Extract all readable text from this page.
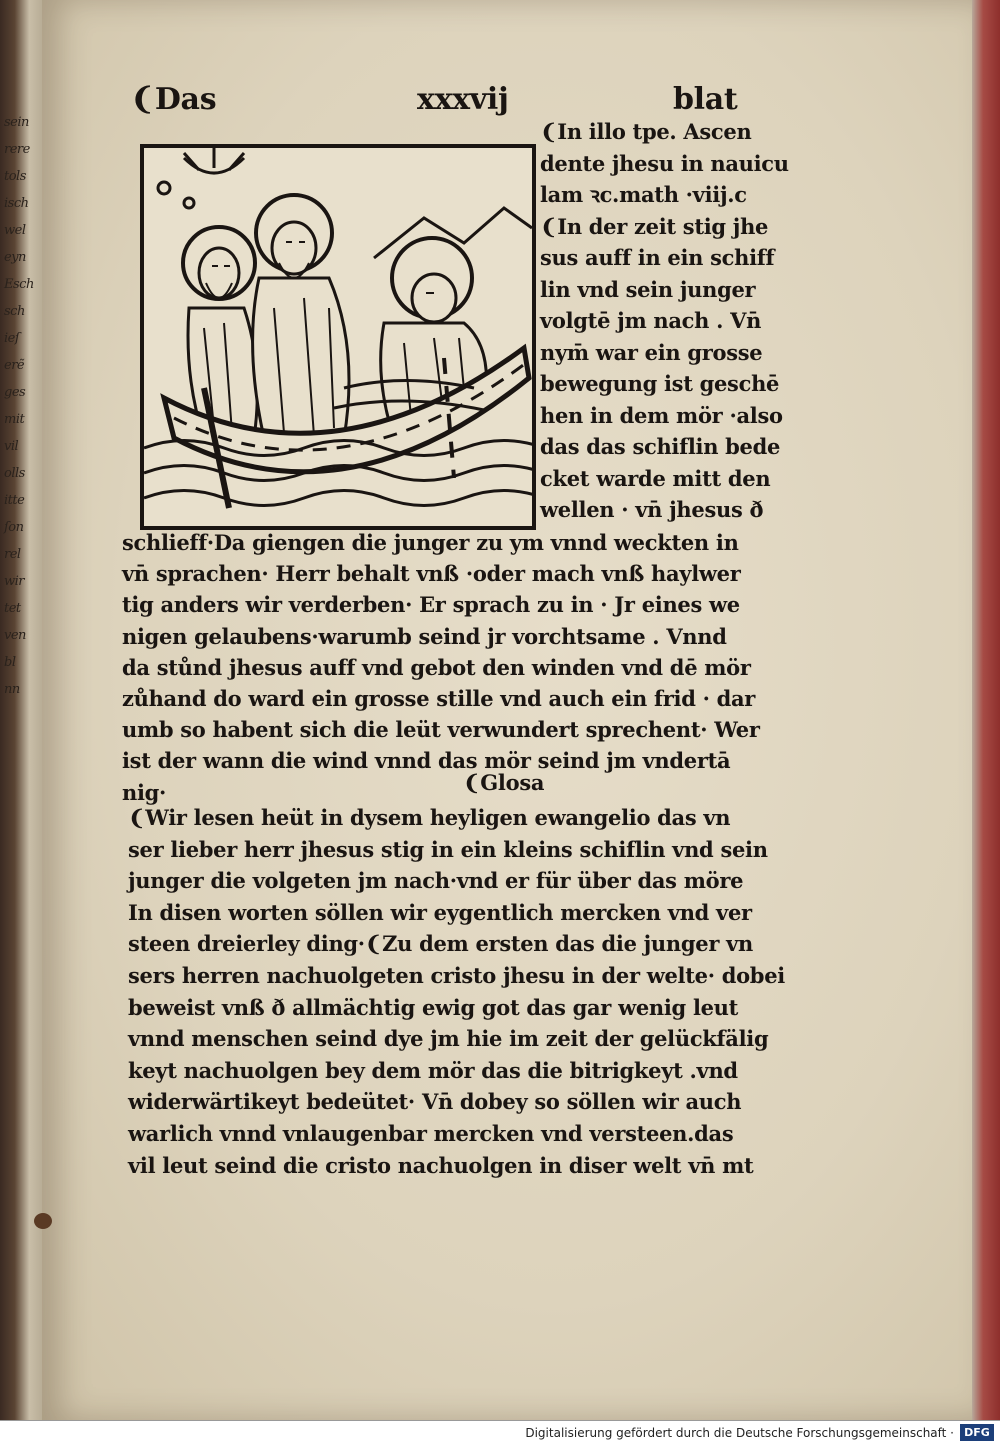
sein
rere
tols
isch
wel
eyn
Esch
sch
ieſ
erẽ
ges
mit
vil
olls
itte
ſon
rel
wir
tet
ven
bl
nn
❨Das	xxxvij	blat
❨In illo tpe. Ascen
dente jhesu in nauicu
lam ꝛc.math ·viij.c
❨In der zeit stig jhe
sus auff in ein schiff
lin vnd sein junger
volgtē jm nach . Vn̄
nym̄ war ein grosse
bewegung ist geschē
hen in dem mör ·also
das das schiflin bede
cket warde mitt den
wellen · vn̄ jhesus ð
schlieff·Da giengen die junger zu ym vnnd weckten in
vn̄ sprachen· Herr behalt vnß ·oder mach vnß haylwer
tig anders wir verderben· Er sprach zu in · Jr eines we
nigen gelaubens·warumb seind jr vorchtsame . Vnnd
da stůnd jhesus auff vnd gebot den winden vnd dē mör
zůhand do ward ein grosse stille vnd auch ein frid · dar
umb so habent sich die leüt verwundert sprechent· Wer
ist der wann die wind vnnd das mör seind jm vndertā
nig·	❨Glosa
❨Wir lesen heüt in dysem heyligen ewangelio das vn
ser lieber herr jhesus stig in ein kleins schiflin vnd sein
junger die volgeten jm nach·vnd er für über das möre
In disen worten söllen wir eygentlich mercken vnd ver
steen dreierley ding·❨Zu dem ersten das die junger vn
sers herren nachuolgeten cristo jhesu in der welte· dobei
beweist vnß ð allmächtig ewig got das gar wenig leut
vnnd menschen seind dye jm hie im zeit der gelückfälig
keyt nachuolgen bey dem mör das die bitrigkeyt .vnd
widerwärtikeyt bedeütet· Vn̄ dobey so söllen wir auch
warlich vnnd vnlaugenbar mercken vnd versteen.das
vil leut seind die cristo nachuolgen in diser welt vn̄ mt
Digitalisierung gefördert durch die Deutsche Forschungsgemeinschaft · DFG
